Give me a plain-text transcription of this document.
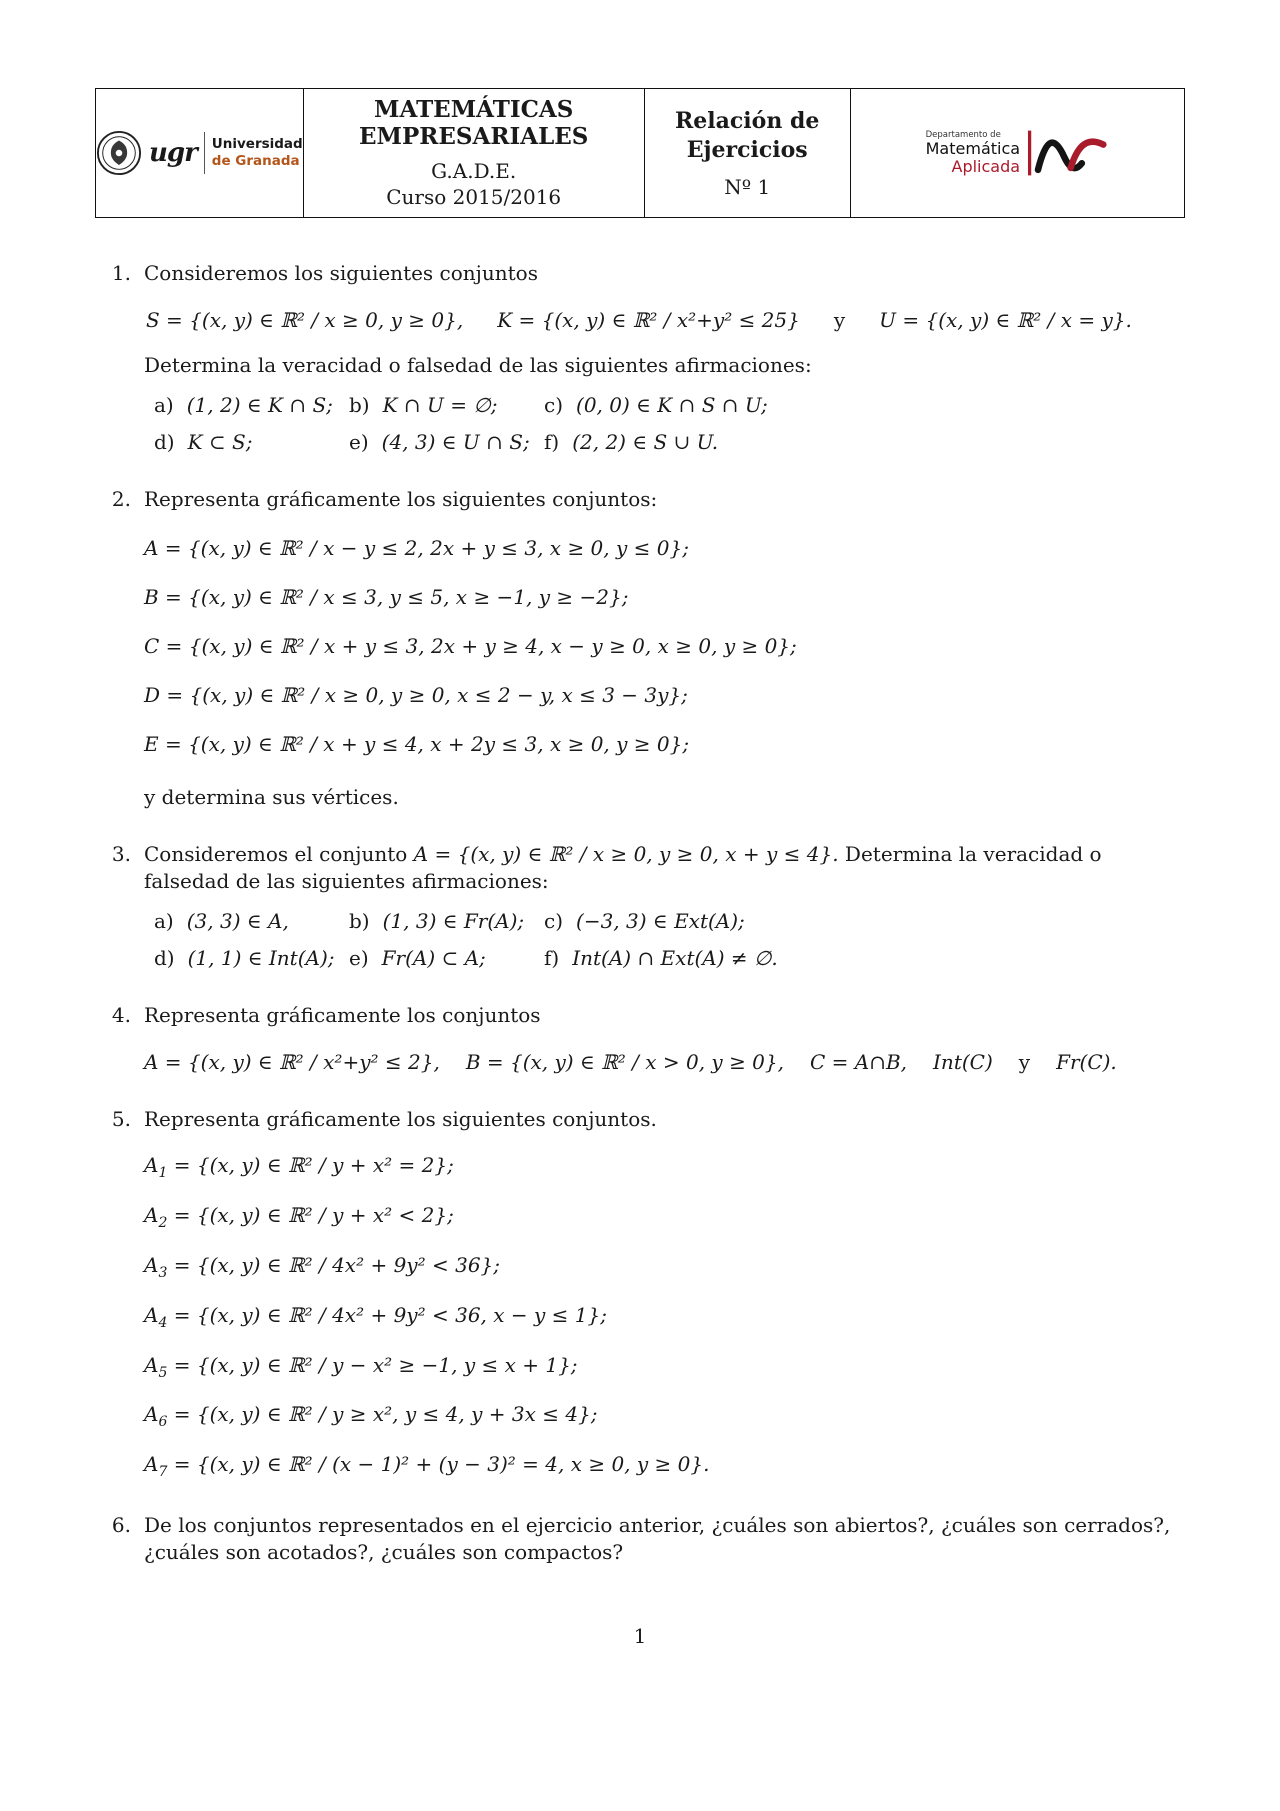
ugr Universidad
de Granada
MATEMÁTICAS
EMPRESARIALES
G.A.D.E.
Curso 2015/2016
Relación de
Ejercicios
Nº 1
Departamento de
Matemática
Aplicada
1. Consideremos los siguientes conjuntos

S = {(x, y) ∈ ℝ² / x ≥ 0, y ≥ 0}, K = {(x, y) ∈ ℝ² / x²+y² ≤ 25} y U = {(x, y) ∈ ℝ² / x = y}.

Determina la veracidad o falsedad de las siguientes afirmaciones:

a) (1, 2) ∈ K ∩ S; b) K ∩ U = ∅;	c) (0, 0) ∈ K ∩ S ∩ U;
d) K ⊂ S;	e) (4, 3) ∈ U ∩ S; f) (2, 2) ∈ S ∪ U.
2. Representa gráficamente los siguientes conjuntos:

A = {(x, y) ∈ ℝ² / x − y ≤ 2, 2x + y ≤ 3, x ≥ 0, y ≤ 0};
B = {(x, y) ∈ ℝ² / x ≤ 3, y ≤ 5, x ≥ −1, y ≥ −2};
C = {(x, y) ∈ ℝ² / x + y ≤ 3, 2x + y ≥ 4, x − y ≥ 0, x ≥ 0, y ≥ 0};
D = {(x, y) ∈ ℝ² / x ≥ 0, y ≥ 0, x ≤ 2 − y, x ≤ 3 − 3y};
E = {(x, y) ∈ ℝ² / x + y ≤ 4, x + 2y ≤ 3, x ≥ 0, y ≥ 0};

y determina sus vértices.

3. Consideremos el conjunto A = {(x, y) ∈ ℝ² / x ≥ 0, y ≥ 0, x + y ≤ 4}. Determina la veracidad o falsedad de las siguientes afirmaciones:

a) (3, 3) ∈ A,	b) (1, 3) ∈ Fr(A); c) (−3, 3) ∈ Ext(A);
d) (1, 1) ∈ Int(A); e) Fr(A) ⊂ A;	f) Int(A) ∩ Ext(A) ≠ ∅.
4. Representa gráficamente los conjuntos

A = {(x, y) ∈ ℝ² / x²+y² ≤ 2}, B = {(x, y) ∈ ℝ² / x > 0, y ≥ 0}, C = A∩B, Int(C) y Fr(C).
5. Representa gráficamente los siguientes conjuntos.

$A_1 = \{(x$, y) ∈ ℝ² / y + x² = 2};
$A_2 = \{(x$, y) ∈ ℝ² / y + x² < 2};
$A_3 = \{(x$, y) ∈ ℝ² / 4x² + 9y² < 36};
$A_4 = \{(x$, y) ∈ ℝ² / 4x² + 9y² < 36, x − y ≤ 1};
$A_5 = \{(x$, y) ∈ ℝ² / y − x² ≥ −1, y ≤ x + 1};
$A_6 = \{(x$, y) ∈ ℝ² / y ≥ x², y ≤ 4, y + 3x ≤ 4};
$A_7 = \{(x$, y) ∈ ℝ² / (x − 1)² + (y − 3)² = 4, x ≥ 0, y ≥ 0}.
6. De los conjuntos representados en el ejercicio anterior, ¿cuáles son abiertos?, ¿cuáles son cerrados?, ¿cuáles son acotados?, ¿cuáles son compactos?

1
